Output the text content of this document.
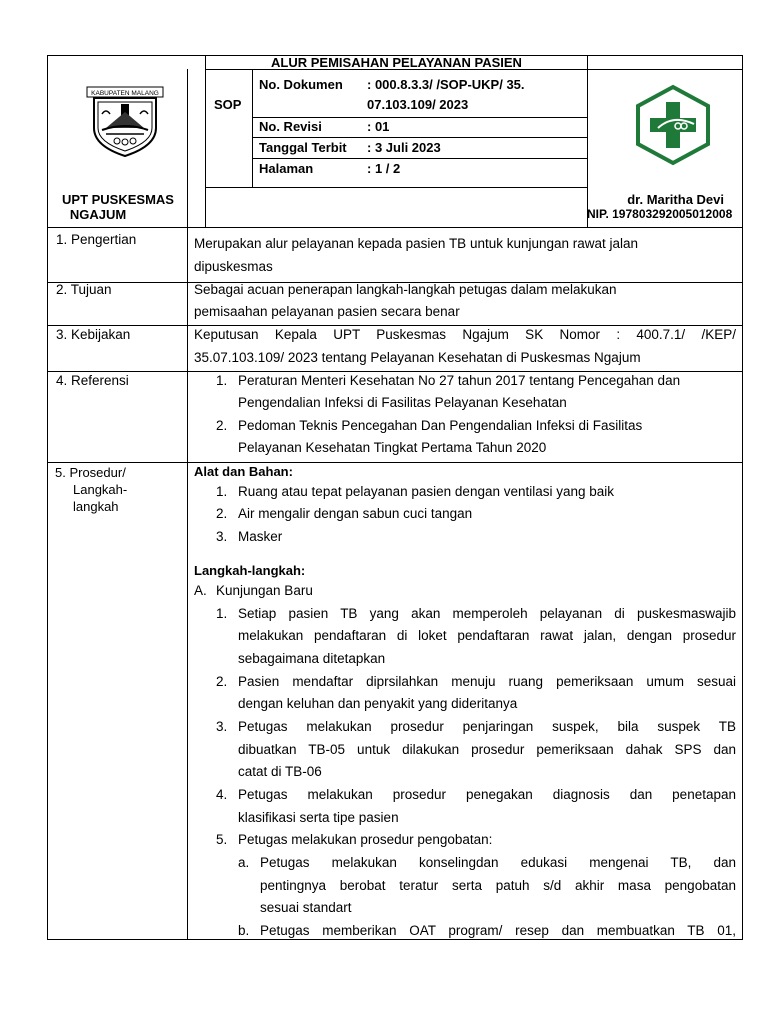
ALUR PEMISAHAN PELAYANAN PASIEN
KABUPATEN MALANG
SOP
No. Dokumen : 000.8.3.3/ /SOP-UKP/ 35.
07.103.109/ 2023
No. Revisi	: 01
Tanggal Terbit : 3 Juli 2023
Halaman	: 1 / 2
UPT PUSKESMAS
NGAJUM
dr. Maritha Devi
NIP. 197803292005012008
1. Pengertian	Merupakan alur pelayanan kepada pasien TB untuk kunjungan rawat jalan
dipuskesmas
2. Tujuan	Sebagai acuan penerapan langkah-langkah petugas dalam melakukan
pemisaahan pelayanan pasien secara benar
3. Kebijakan	Keputusan Kepala UPT Puskesmas Ngajum SK Nomor : 400.7.1/ /KEP/
35.07.103.109/ 2023 tentang Pelayanan Kesehatan di Puskesmas Ngajum
4. Referensi	1. Peraturan Menteri Kesehatan No 27 tahun 2017 tentang Pencegahan dan
Pengendalian Infeksi di Fasilitas Pelayanan Kesehatan
2. Pedoman Teknis Pencegahan Dan Pengendalian Infeksi di Fasilitas
Pelayanan Kesehatan Tingkat Pertama Tahun 2020
5. Prosedur/
Langkah-
langkah
Alat dan Bahan:
1. Ruang atau tepat pelayanan pasien dengan ventilasi yang baik
2. Air mengalir dengan sabun cuci tangan
3. Masker
Langkah-langkah:
A. Kunjungan Baru
1. Setiap pasien TB yang akan memperoleh pelayanan di puskesmaswajib
melakukan pendaftaran di loket pendaftaran rawat jalan, dengan prosedur
sebagaimana ditetapkan
2. Pasien mendaftar diprsilahkan menuju ruang pemeriksaan umum sesuai
dengan keluhan dan penyakit yang dideritanya
3. Petugas melakukan prosedur penjaringan suspek, bila suspek TB
dibuatkan TB-05 untuk dilakukan prosedur pemeriksaan dahak SPS dan
catat di TB-06
4. Petugas melakukan prosedur penegakan diagnosis dan penetapan
klasifikasi serta tipe pasien
5. Petugas melakukan prosedur pengobatan:
a. Petugas melakukan konselingdan edukasi mengenai TB, dan
pentingnya berobat teratur serta patuh s/d akhir masa pengobatan
sesuai standart
b. Petugas memberikan OAT program/ resep dan membuatkan TB 01,
